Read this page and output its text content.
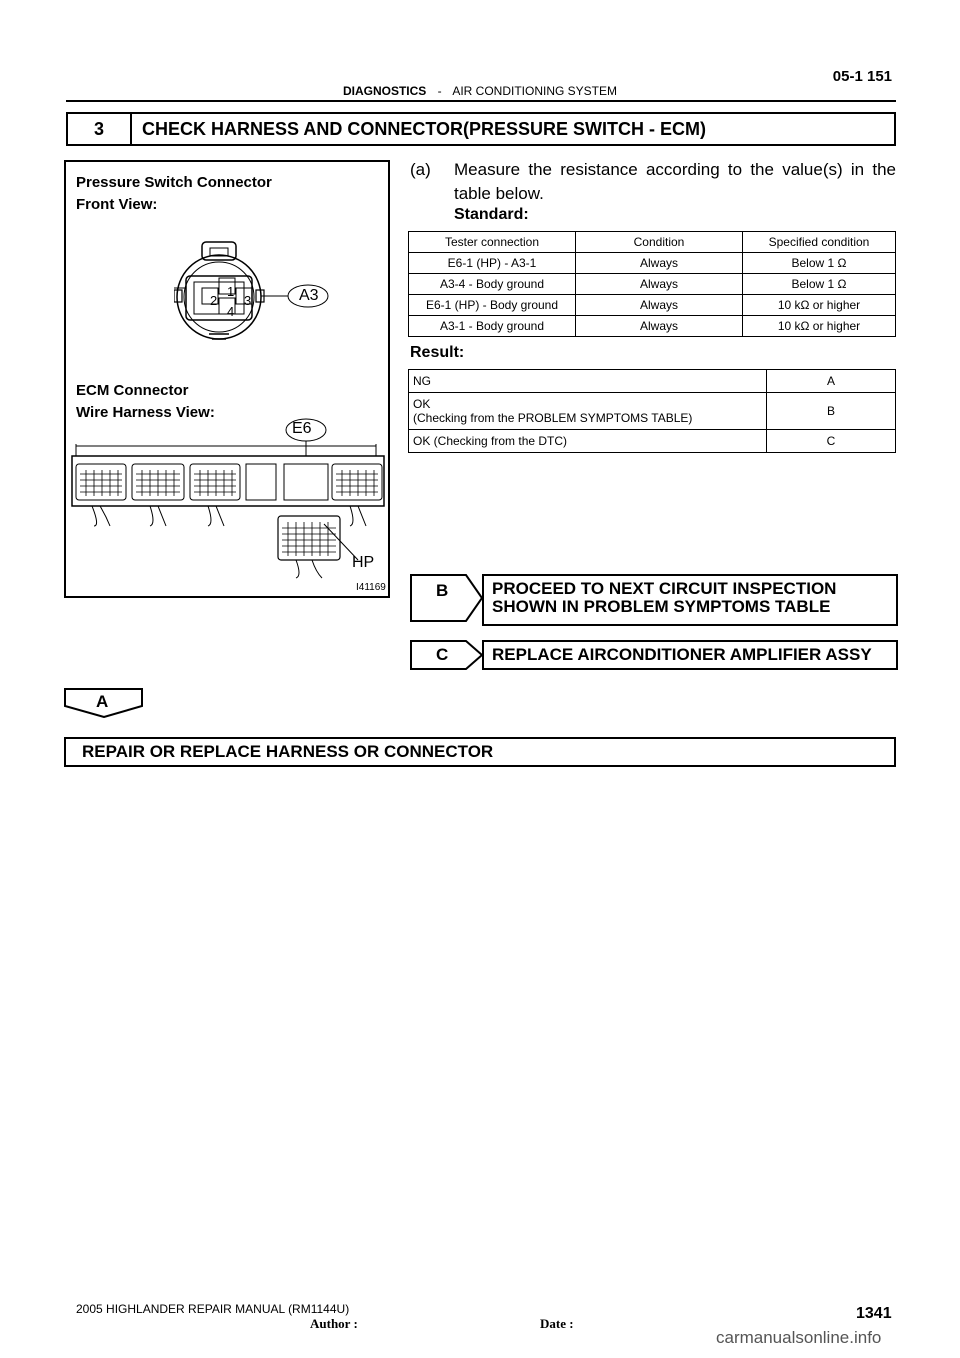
05-1 151
DIAGNOSTICS - AIR CONDITIONING SYSTEM
3	CHECK HARNESS AND CONNECTOR(PRESSURE SWITCH - ECM)
Pressure Switch Connector
Front View:
1
2 3
4
A3
ECM Connector
Wire Harness View:
E6
HP
I41169
(a) Measure the resistance according to the value(s) in the table below.
Standard:
Tester connection	Condition	Specified condition
E6-1 (HP) - A3-1	Always	Below 1 Ω
A3-4 - Body ground	Always	Below 1 Ω
E6-1 (HP) - Body ground	Always	10 kΩ or higher
A3-1 - Body ground	Always	10 kΩ or higher
Result:
NG	A

OK
(Checking from the PROBLEM SYMPTOMS TABLE)	B
OK (Checking from the DTC)	C
B	PROCEED TO NEXT CIRCUIT INSPECTION
SHOWN IN PROBLEM SYMPTOMS TABLE
C	REPLACE AIRCONDITIONER AMPLIFIER ASSY
A
REPAIR OR REPLACE HARNESS OR CONNECTOR
2005 HIGHLANDER REPAIR MANUAL (RM1144U)
Author :	Date :
1341
carmanualsonline.info
